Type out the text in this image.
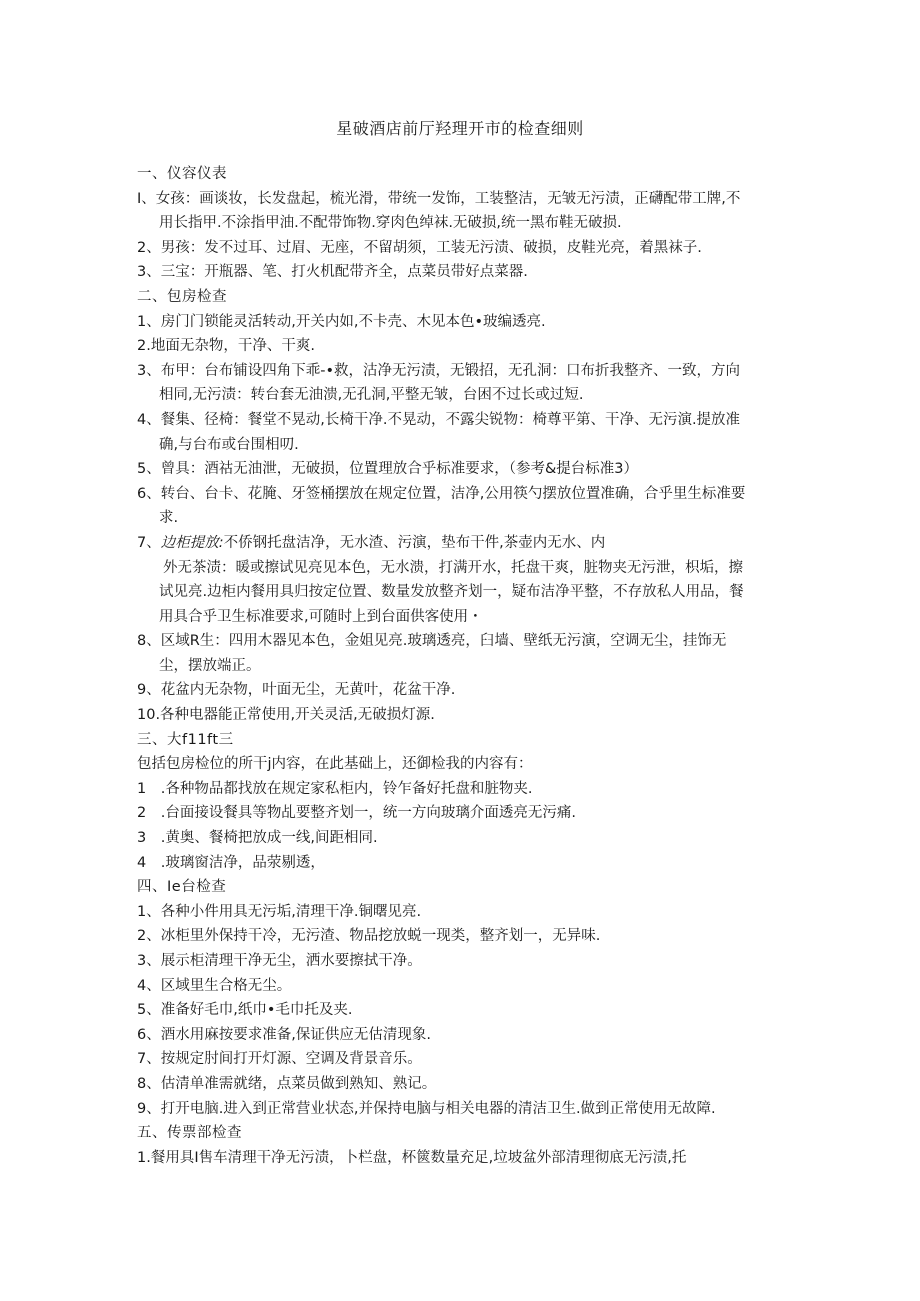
星破酒店前厅羟理开市的检查细则
一、仪容仪表
I、女孩：画谈妆，长发盘起，梳光滑，带统一发饰，工装整洁，无皱无污渍，正礴配带工牌,不
用长指甲.不涂指甲油.不配带饰物.穿肉色绰袜.无破损,统一黑布鞋无破损.
2、男孩：发不过耳、过眉、无座，不留胡须，工装无污渍、破损，皮鞋光亮，着黑袜子.
3、三宝：开瓶器、笔、打火机配带齐全，点菜员带好点菜器.
二、包房检查
1、房门门锁能灵活转动,开关内如,不卡壳、木见本色•玻编透亮.
2.地面无杂物，干净、干爽.
3、布甲：台布铺设四角下乖-•救，沽净无污渍，无锻招，无孔洞：口布折我整齐、一致，方向
相同,无污渍：转台套无油溃,无孔洞,平整无皱，台困不过长或过短.
4、餐集、径椅：餐堂不晃动,长椅干净.不晃动，不露尖锐物：椅尊平第、干净、无污演.提放准
确,与台布或台围相叨.
5、曾具：酒祜无油泄，无破损，位置理放合乎标准要求，（参考&提台标准3）
6、转台、台卡、花腌、牙签桶摆放在规定位置，洁净,公用筷勺摆放位置准确，合乎里生标准要
求.
7、边柜提放:不侨钢托盘洁净，无水渣、污演，垫布干件,茶壶内无水、内
外无茶渍：暖或擦试见亮见本色，无水溃，打满开水，托盘干爽，脏物夹无污泄，枳垢，擦
试见亮.边柜内餐用具归按定位置、数量发放整齐划一，疑布洁净平整，不存放私人用品，餐
用具合乎卫生标准要求,可随时上到台面供客使用・
8、区域R生：四用木器见本色，金姐见亮.玻璃透亮，臼墙、壁纸无污演，空调无尘，挂饰无
尘，摆放端正。
9、花盆内无杂物，叶面无尘，无黄叶，花盆干净.
10.各种电器能正常使用,开关灵活,无破损灯源.
三、大f11ft三
包括包房检位的所干j内容，在此基础上，还御检我的内容有：
1　.各种物品都找放在规定家私柜内，铃乍备好托盘和脏物夹.
2　.台面接设餐具等物乩要整齐划一，统一方向玻璃介面透亮无污痛.
3　.黄奥、餐椅把放成一线,间距相同.
4　.玻璃窗洁净，品荥剔透，
四、Ie台检查
1、各种小件用具无污垢,清理干净.铜曙见亮.
2、冰柜里外保持干冷，无污渣、物品挖放蜕一现类，整齐划一，无异味.
3、展示柜清理干净无尘，洒水要擦拭干净。
4、区域里生合格无尘。
5、准备好毛巾,纸巾•毛巾托及夹.
6、酒水用麻按要求准备,保证供应无估清现象.
7、按规定肘间打开灯源、空调及背景音乐。
8、估清单准需就绪，点菜员做到熟知、熟记。
9、打开电脑.进入到正常营业状态,并保持电脑与相关电器的清洁卫生.做到正常使用无故障.
五、传票部检查
1.餐用具I售车清理干净无污渍，卜栏盘，杯篋数量充足,垃坡盆外部清理彻底无污渍,托
